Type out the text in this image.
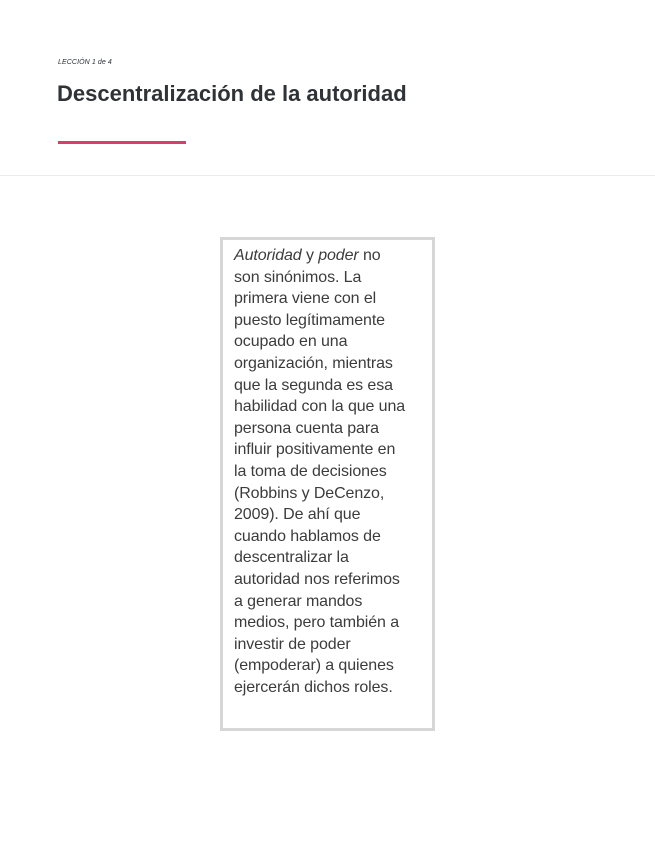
LECCIÓN 1 de 4
Descentralización de la autoridad
Autoridad y poder no
son sinónimos. La
primera viene con el
puesto legítimamente
ocupado en una
organización, mientras
que la segunda es esa
habilidad con la que una
persona cuenta para
influir positivamente en
la toma de decisiones
(Robbins y DeCenzo,
2009). De ahí que
cuando hablamos de
descentralizar la
autoridad nos referimos
a generar mandos
medios, pero también a
investir de poder
(empoderar) a quienes
ejercerán dichos roles.
